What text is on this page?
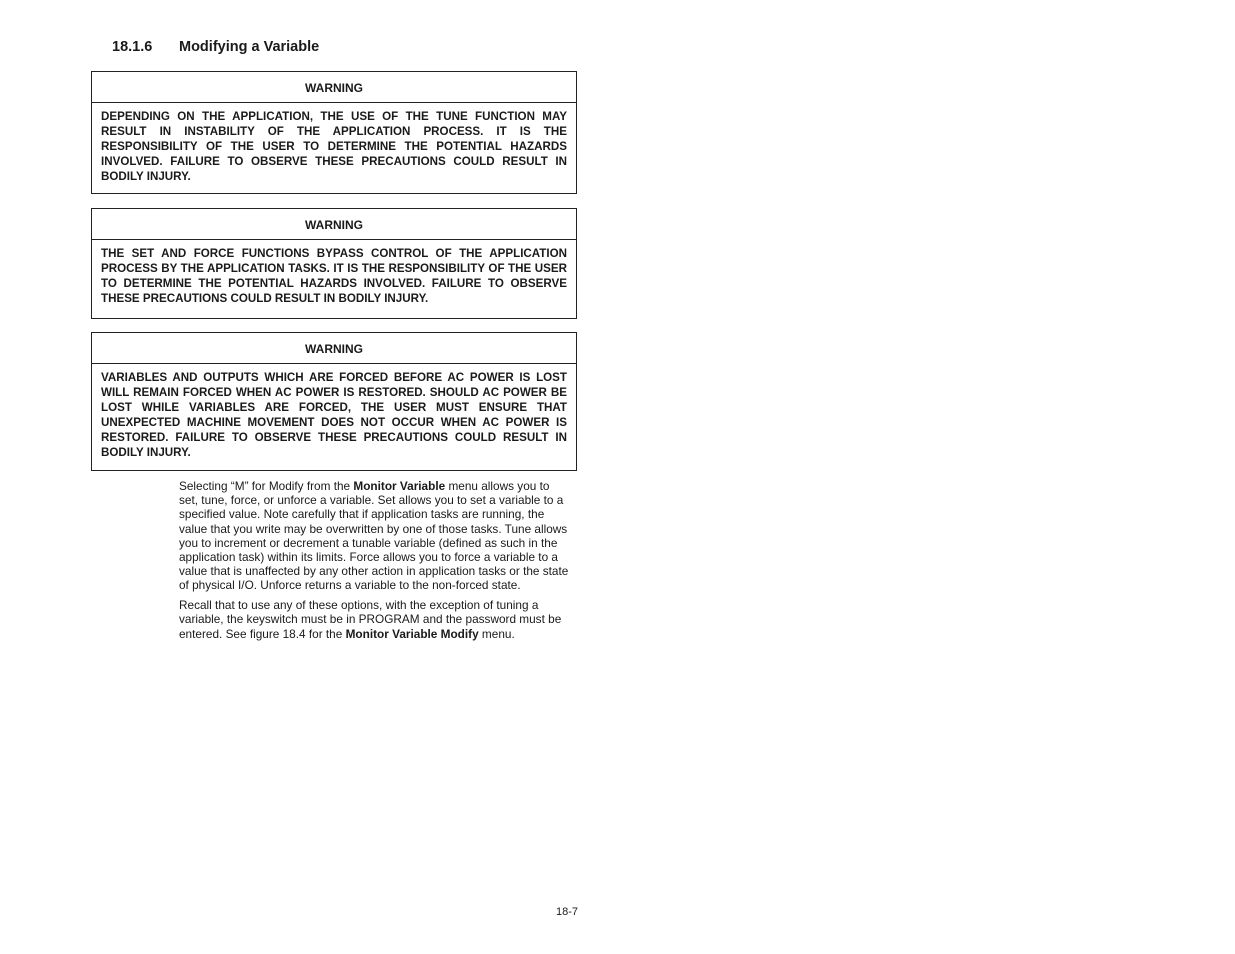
18.1.6 Modifying a Variable
WARNING
DEPENDING ON THE APPLICATION, THE USE OF THE TUNE FUNCTION MAY RESULT IN INSTABILITY OF THE APPLICATION PROCESS. IT IS THE RESPONSIBILITY OF THE USER TO DETERMINE THE POTENTIAL HAZARDS INVOLVED. FAILURE TO OBSERVE THESE PRECAUTIONS COULD RESULT IN BODILY INJURY.
WARNING
THE SET AND FORCE FUNCTIONS BYPASS CONTROL OF THE APPLICATION PROCESS BY THE APPLICATION TASKS. IT IS THE RESPONSIBILITY OF THE USER TO DETERMINE THE POTENTIAL HAZARDS INVOLVED. FAILURE TO OBSERVE THESE PRECAUTIONS COULD RESULT IN BODILY INJURY.
WARNING
VARIABLES AND OUTPUTS WHICH ARE FORCED BEFORE AC POWER IS LOST WILL REMAIN FORCED WHEN AC POWER IS RESTORED. SHOULD AC POWER BE LOST WHILE VARIABLES ARE FORCED, THE USER MUST ENSURE THAT UNEXPECTED MACHINE MOVEMENT DOES NOT OCCUR WHEN AC POWER IS RESTORED. FAILURE TO OBSERVE THESE PRECAUTIONS COULD RESULT IN BODILY INJURY.

Selecting “M” for Modify from the Monitor Variable menu allows you to set, tune, force, or unforce a variable. Set allows you to set a variable to a specified value. Note carefully that if application tasks are running, the value that you write may be overwritten by one of those tasks. Tune allows you to increment or decrement a tunable variable (defined as such in the application task) within its limits. Force allows you to force a variable to a value that is unaffected by any other action in application tasks or the state of physical I/O. Unforce returns a variable to the non-forced state.

Recall that to use any of these options, with the exception of tuning a variable, the keyswitch must be in PROGRAM and the password must be entered. See figure 18.4 for the Monitor Variable Modify menu.

18-7
